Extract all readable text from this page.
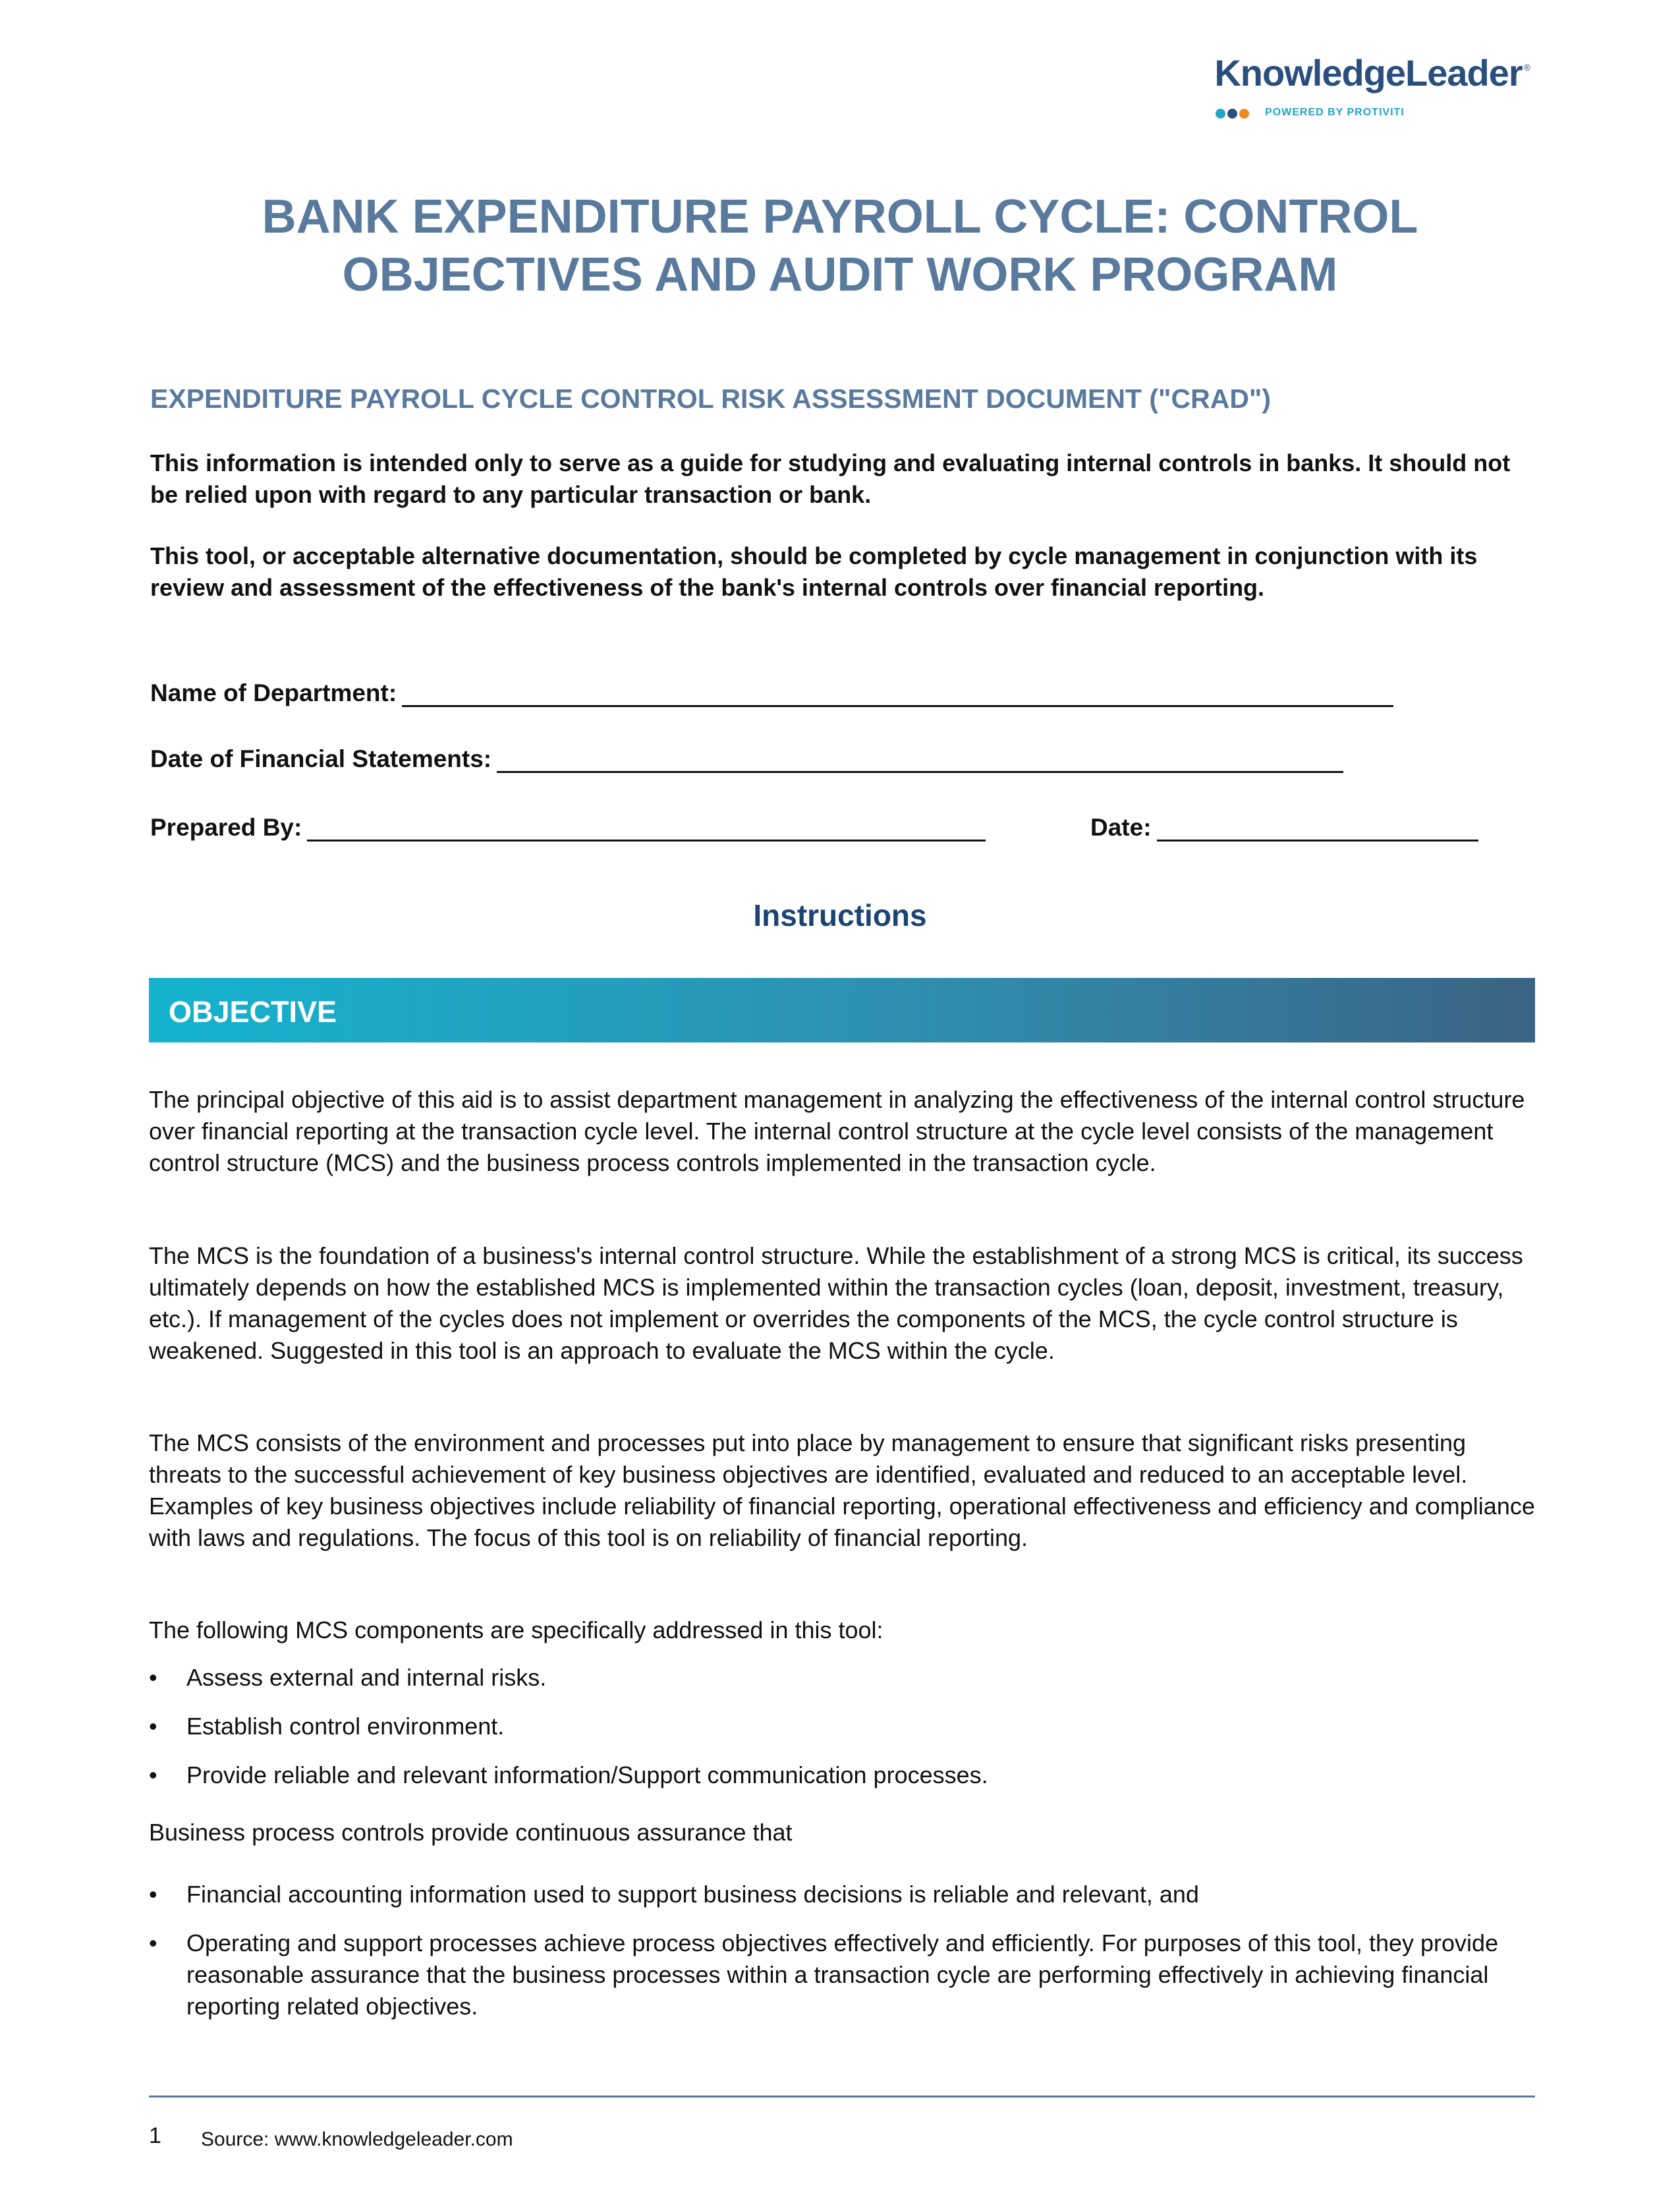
KnowledgeLeader ®
POWERED BY PROTIVITI
BANK EXPENDITURE PAYROLL CYCLE: CONTROL
OBJECTIVES AND AUDIT WORK PROGRAM
EXPENDITURE PAYROLL CYCLE CONTROL RISK ASSESSMENT DOCUMENT ("CRAD")

This information is intended only to serve as a guide for studying and evaluating internal controls in banks. It should not be relied upon with regard to any particular transaction or bank.

This tool, or acceptable alternative documentation, should be completed by cycle management in conjunction with its review and assessment of the effectiveness of the bank's internal controls over financial reporting.

Name of Department:
Date of Financial Statements:
Prepared By:	Date:
Instructions
OBJECTIVE

The principal objective of this aid is to assist department management in analyzing the effectiveness of the internal control structure over financial reporting at the transaction cycle level. The internal control structure at the cycle level consists of the management control structure (MCS) and the business process controls implemented in the transaction cycle.

The MCS is the foundation of a business's internal control structure. While the establishment of a strong MCS is critical, its success ultimately depends on how the established MCS is implemented within the transaction cycles (loan, deposit, investment, treasury, etc.). If management of the cycles does not implement or overrides the components of the MCS, the cycle control structure is weakened. Suggested in this tool is an approach to evaluate the MCS within the cycle.

The MCS consists of the environment and processes put into place by management to ensure that significant risks presenting threats to the successful achievement of key business objectives are identified, evaluated and reduced to an acceptable level. Examples of key business objectives include reliability of financial reporting, operational effectiveness and efficiency and compliance with laws and regulations. The focus of this tool is on reliability of financial reporting.

The following MCS components are specifically addressed in this tool:

• Assess external and internal risks.
• Establish control environment.
• Provide reliable and relevant information/Support communication processes.

Business process controls provide continuous assurance that

• Financial accounting information used to support business decisions is reliable and relevant, and
• Operating and support processes achieve process objectives effectively and efficiently. For purposes of this tool, they provide reasonable assurance that the business processes within a transaction cycle are performing effectively in achieving financial reporting related objectives.
1 Source: www.knowledgeleader.com
